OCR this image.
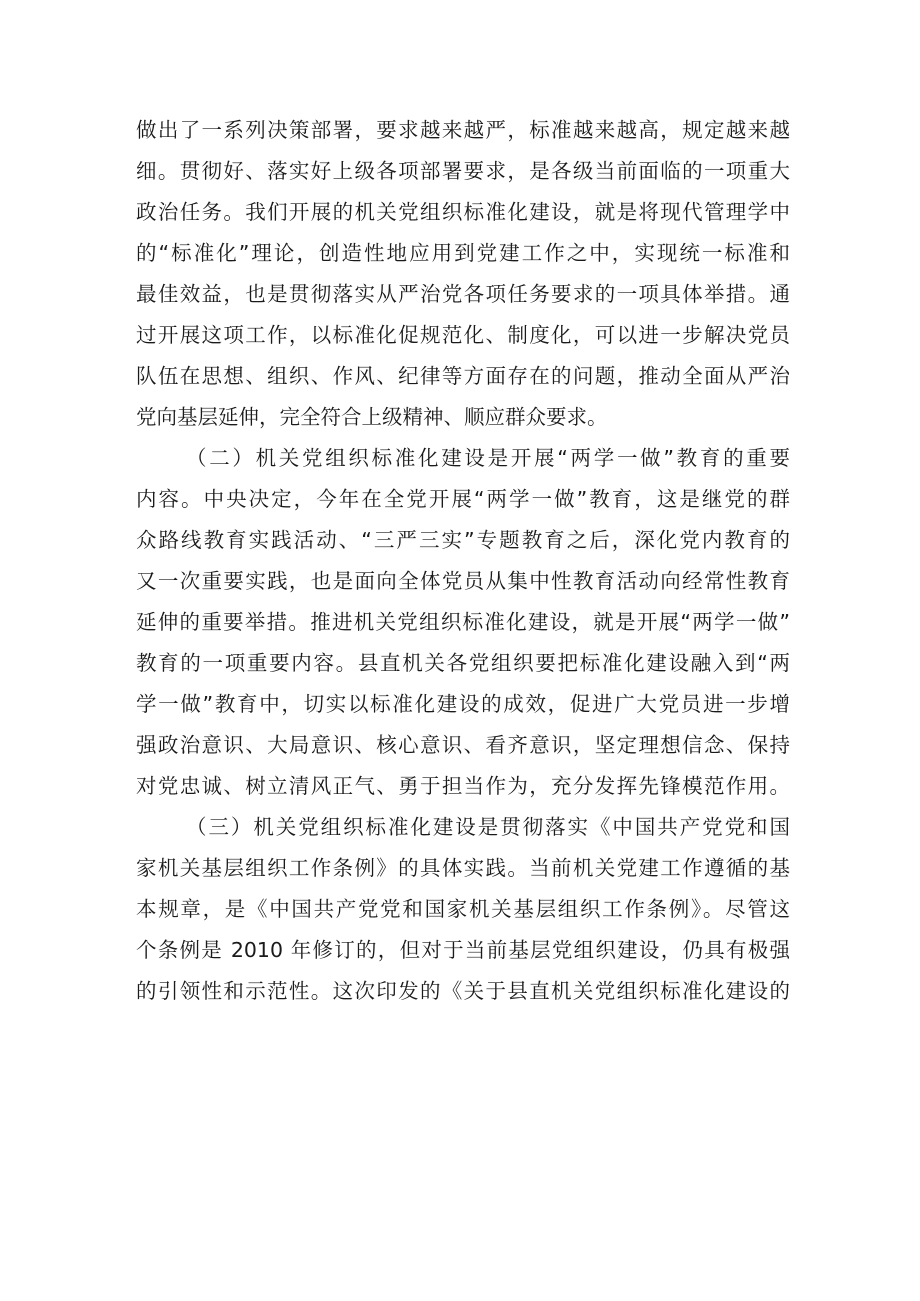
做出了一系列决策部署，要求越来越严，标准越来越高，规定越来越
细。贯彻好、落实好上级各项部署要求，是各级当前面临的一项重大
政治任务。我们开展的机关党组织标准化建设，就是将现代管理学中
的“标准化”理论，创造性地应用到党建工作之中，实现统一标准和
最佳效益，也是贯彻落实从严治党各项任务要求的一项具体举措。通
过开展这项工作，以标准化促规范化、制度化，可以进一步解决党员
队伍在思想、组织、作风、纪律等方面存在的问题，推动全面从严治
党向基层延伸，完全符合上级精神、顺应群众要求。
（二）机关党组织标准化建设是开展“两学一做”教育的重要
内容。中央决定，今年在全党开展“两学一做”教育，这是继党的群
众路线教育实践活动、“三严三实”专题教育之后，深化党内教育的
又一次重要实践，也是面向全体党员从集中性教育活动向经常性教育
延伸的重要举措。推进机关党组织标准化建设，就是开展“两学一做”
教育的一项重要内容。县直机关各党组织要把标准化建设融入到“两
学一做”教育中，切实以标准化建设的成效，促进广大党员进一步增
强政治意识、大局意识、核心意识、看齐意识，坚定理想信念、保持
对党忠诚、树立清风正气、勇于担当作为，充分发挥先锋模范作用。
（三）机关党组织标准化建设是贯彻落实《中国共产党党和国
家机关基层组织工作条例》的具体实践。当前机关党建工作遵循的基
本规章，是《中国共产党党和国家机关基层组织工作条例》。尽管这
个条例是 2010 年修订的，但对于当前基层党组织建设，仍具有极强
的引领性和示范性。这次印发的《关于县直机关党组织标准化建设的
